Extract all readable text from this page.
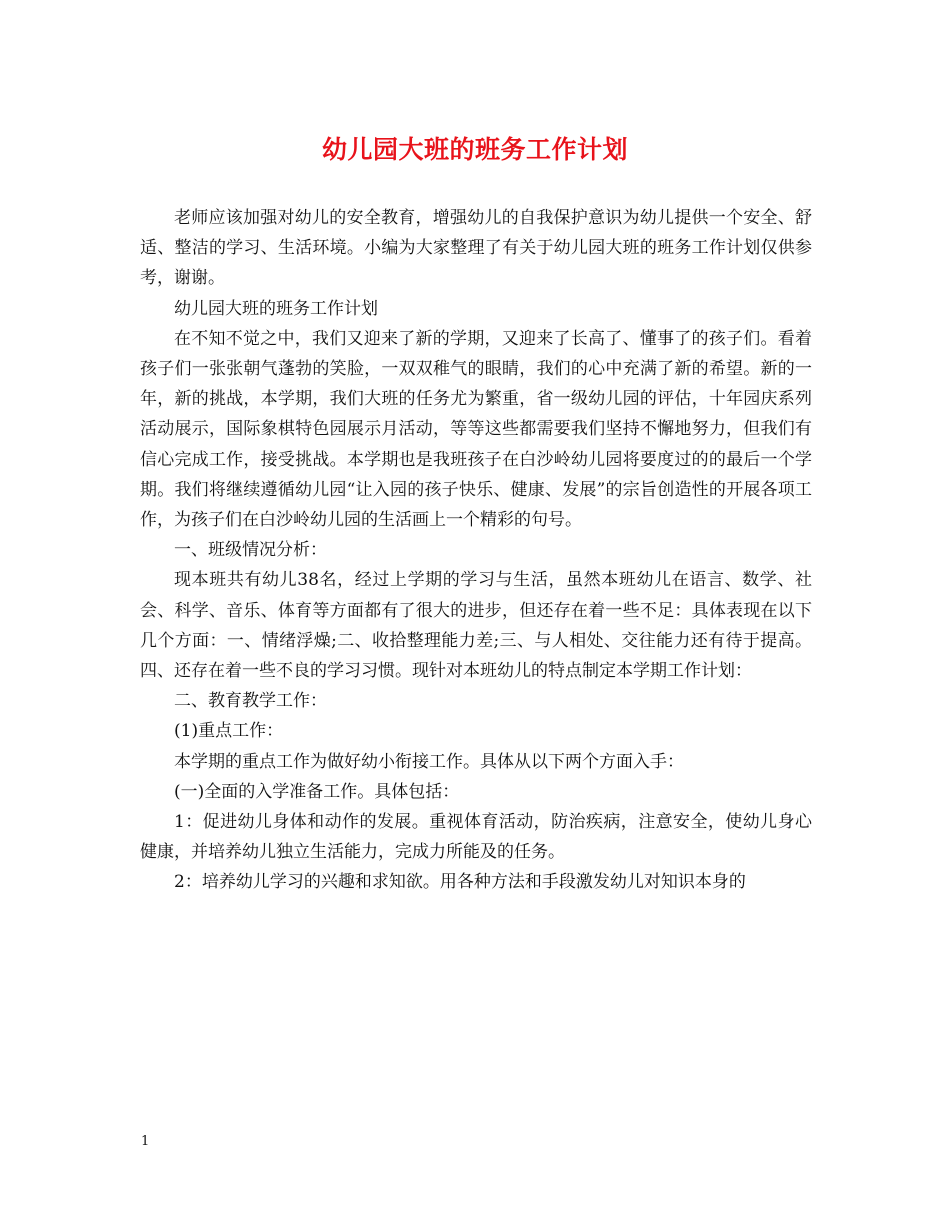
幼儿园大班的班务工作计划

老师应该加强对幼儿的安全教育，增强幼儿的自我保护意识为幼儿提供一个安全、舒适、整洁的学习、生活环境。小编为大家整理了有关于幼儿园大班的班务工作计划仅供参考，谢谢。

幼儿园大班的班务工作计划

在不知不觉之中，我们又迎来了新的学期，又迎来了长高了、懂事了的孩子们。看着孩子们一张张朝气蓬勃的笑脸，一双双稚气的眼睛，我们的心中充满了新的希望。新的一年，新的挑战，本学期，我们大班的任务尤为繁重，省一级幼儿园的评估，十年园庆系列活动展示，国际象棋特色园展示月活动，等等这些都需要我们坚持不懈地努力，但我们有信心完成工作，接受挑战。本学期也是我班孩子在白沙岭幼儿园将要度过的的最后一个学期。我们将继续遵循幼儿园“让入园的孩子快乐、健康、发展”的宗旨创造性的开展各项工作，为孩子们在白沙岭幼儿园的生活画上一个精彩的句号。

一、班级情况分析：

现本班共有幼儿38名，经过上学期的学习与生活，虽然本班幼儿在语言、数学、社会、科学、音乐、体育等方面都有了很大的进步，但还存在着一些不足：具体表现在以下几个方面：一、情绪浮燥;二、收拾整理能力差;三、与人相处、交往能力还有待于提高。四、还存在着一些不良的学习习惯。现针对本班幼儿的特点制定本学期工作计划：

二、教育教学工作：

(1)重点工作：

本学期的重点工作为做好幼小衔接工作。具体从以下两个方面入手：

(一)全面的入学准备工作。具体包括：

1：促进幼儿身体和动作的发展。重视体育活动，防治疾病，注意安全，使幼儿身心健康，并培养幼儿独立生活能力，完成力所能及的任务。

2：培养幼儿学习的兴趣和求知欲。用各种方法和手段激发幼儿对知识本身的

1
